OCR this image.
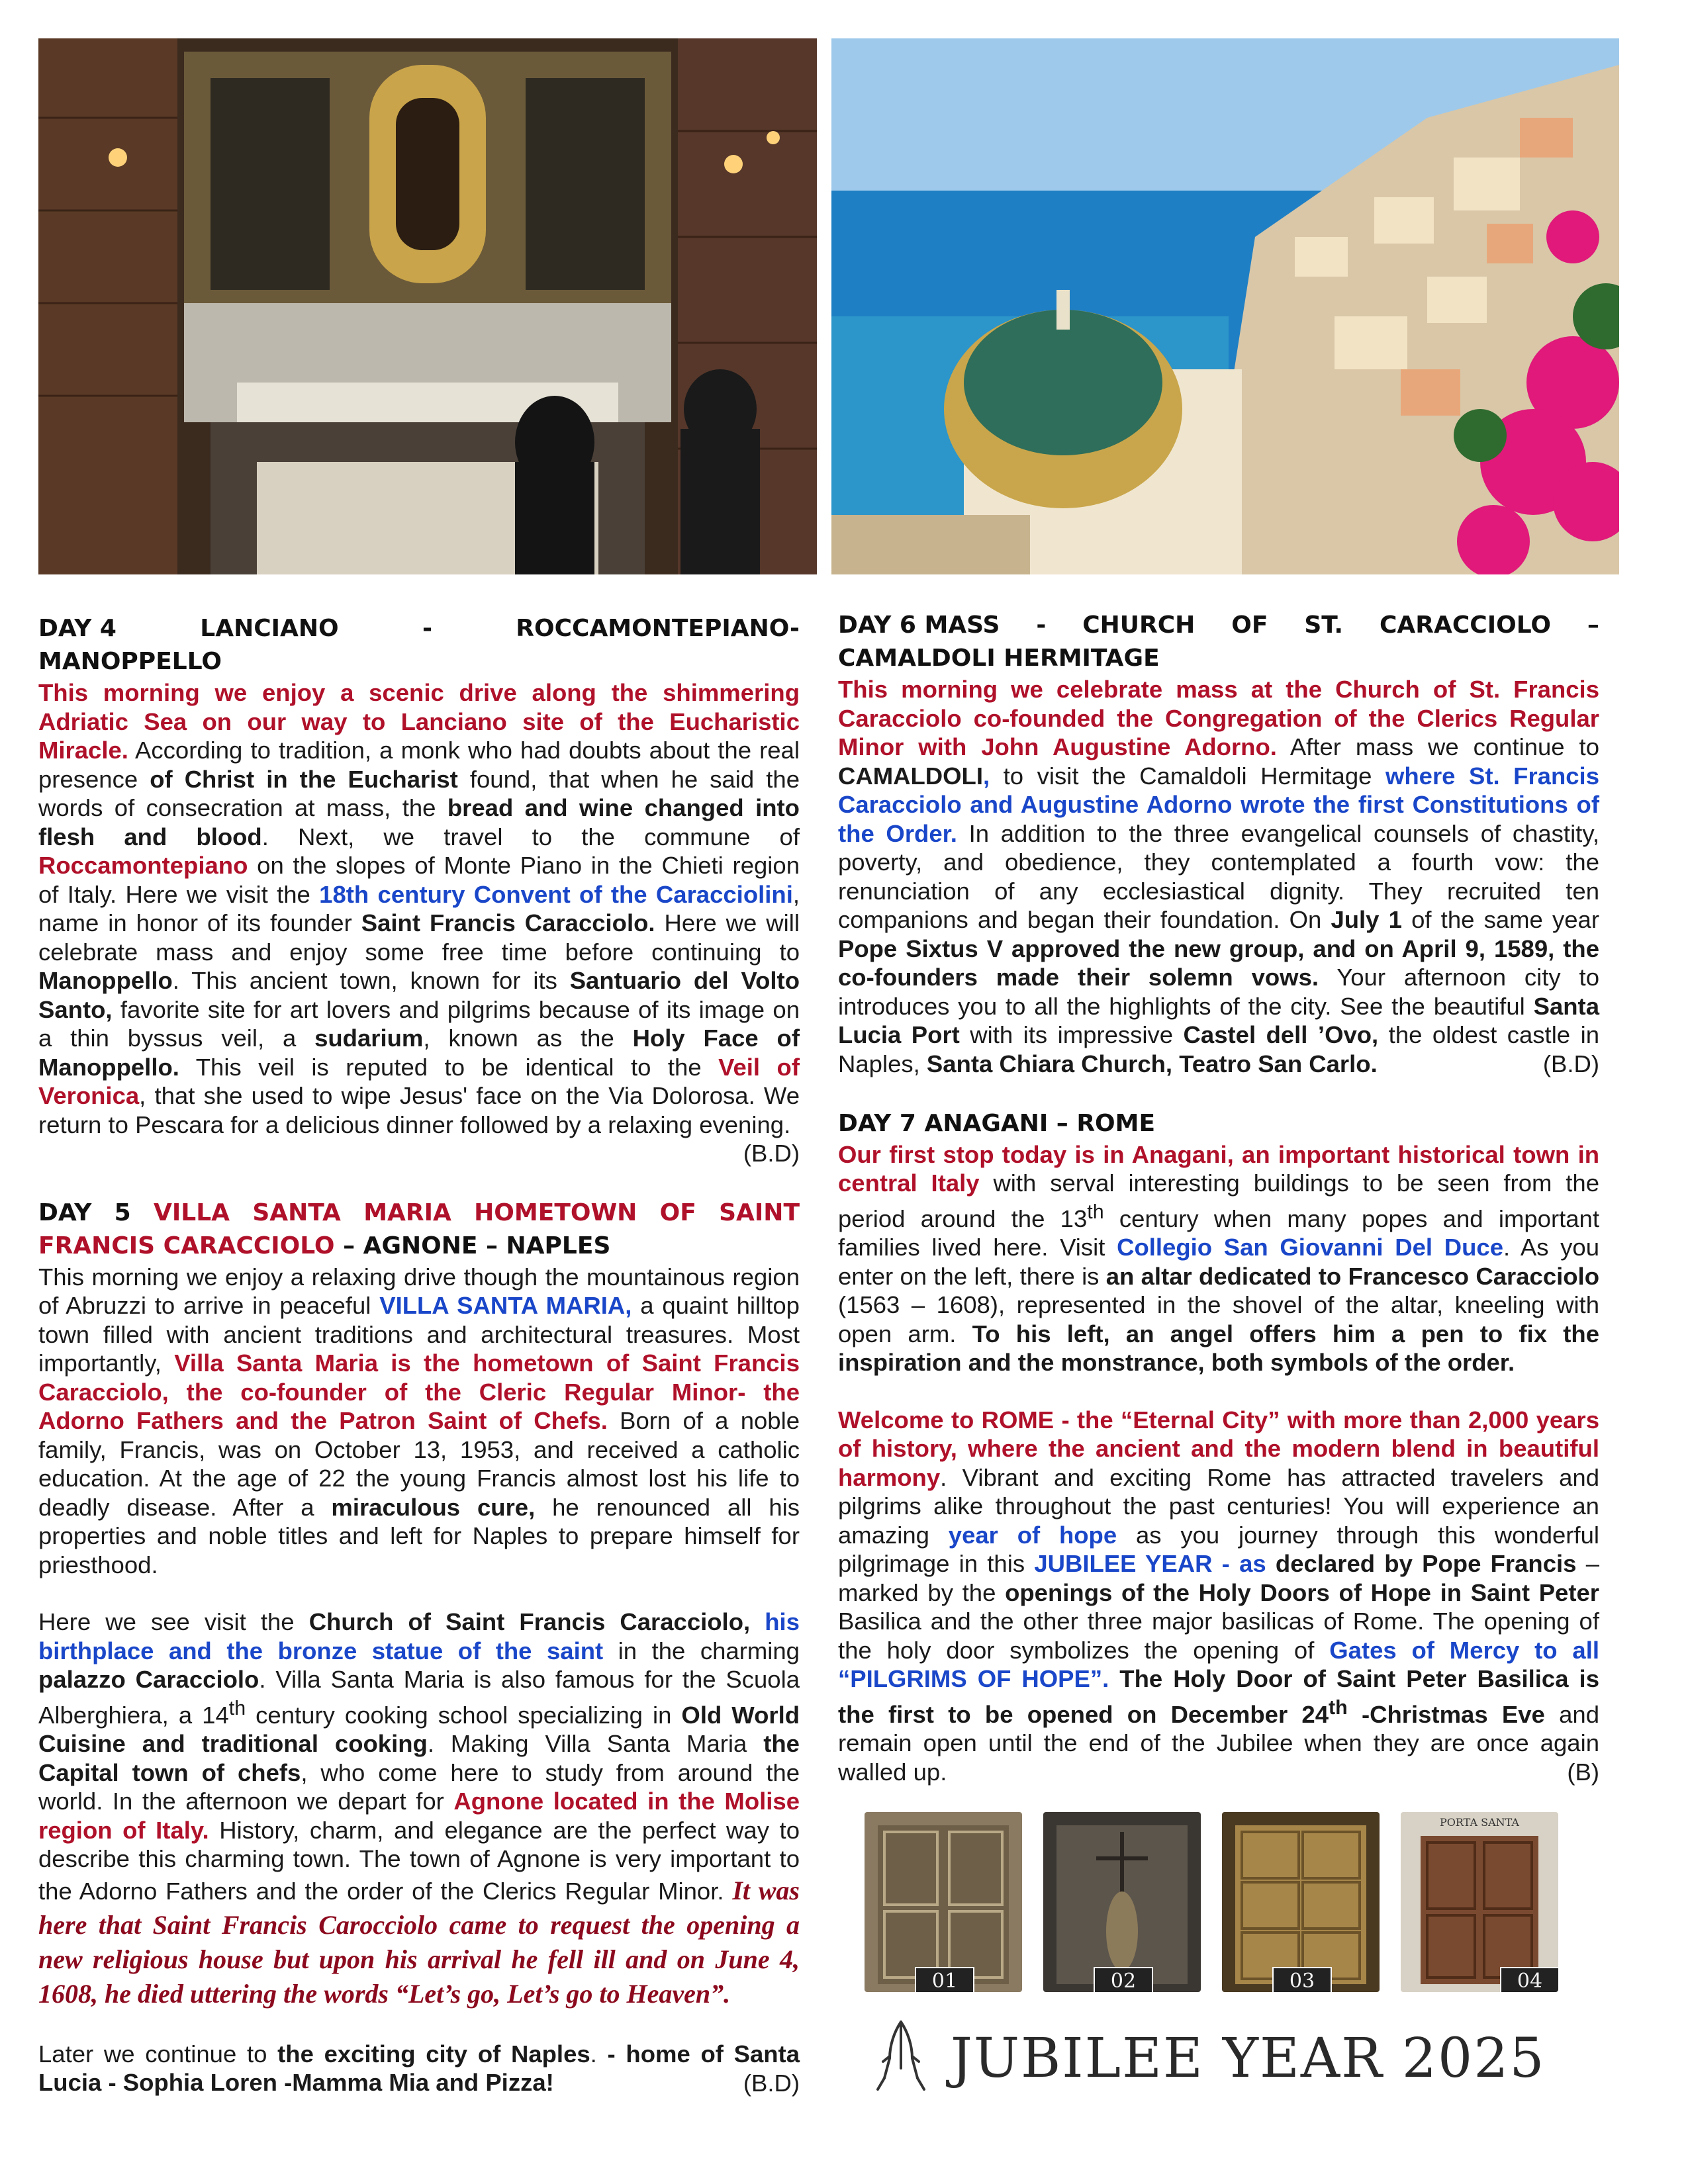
DAY 4	LANCIANO	-	ROCCAMONTEPIANO-
MANOPPELLO

This morning we enjoy a scenic drive along the shimmering Adriatic Sea on our way to Lanciano site of the Eucharistic Miracle. According to tradition, a monk who had doubts about the real presence of Christ in the Eucharist found, that when he said the words of consecration at mass, the bread and wine changed into flesh and blood. Next, we travel to the commune of Roccamontepiano on the slopes of Monte Piano in the Chieti region of Italy. Here we visit the 18th century Convent of the Caracciolini, name in honor of its founder Saint Francis Caracciolo. Here we will celebrate mass and enjoy some free time before continuing to Manoppello. This ancient town, known for its Santuario del Volto Santo, favorite site for art lovers and pilgrims because of its image on a thin byssus veil, a sudarium, known as the Holy Face of Manoppello. This veil is reputed to be identical to the Veil of Veronica, that she used to wipe Jesus' face on the Via Dolorosa. We return to Pescara for a delicious dinner followed by a relaxing evening.

(B.D)
DAY 5 VILLA SANTA MARIA HOMETOWN OF SAINT FRANCIS CARACCIOLO – AGNONE – NAPLES

This morning we enjoy a relaxing drive though the mountainous region of Abruzzi to arrive in peaceful VILLA SANTA MARIA, a quaint hilltop town filled with ancient traditions and architectural treasures. Most importantly, Villa Santa Maria is the hometown of Saint Francis Caracciolo, the co-founder of the Cleric Regular Minor- the Adorno Fathers and the Patron Saint of Chefs. Born of a noble family, Francis, was on October 13, 1953, and received a catholic education. At the age of 22 the young Francis almost lost his life to deadly disease. After a miraculous cure, he renounced all his properties and noble titles and left for Naples to prepare himself for priesthood.

Here we see visit the Church of Saint Francis Caracciolo, his birthplace and the bronze statue of the saint in the charming palazzo Caracciolo. Villa Santa Maria is also famous for the Scuola Alberghiera, a 14th century cooking school specializing in Old World Cuisine and traditional cooking. Making Villa Santa Maria the Capital town of chefs, who come here to study from around the world. In the afternoon we depart for Agnone located in the Molise region of Italy. History, charm, and elegance are the perfect way to describe this charming town. The town of Agnone is very important to the Adorno Fathers and the order of the Clerics Regular Minor. It was here that Saint Francis Carocciolo came to request the opening a new religious house but upon his arrival he fell ill and on June 4, 1608, he died uttering the words “Let’s go, Let’s go to Heaven”.

Later we continue to the exciting city of Naples. - home of Santa Lucia - Sophia Loren -Mamma Mia and Pizza!	(B.D)
DAY 6 MASS - CHURCH OF ST. CARACCIOLO –
CAMALDOLI HERMITAGE

This morning we celebrate mass at the Church of St. Francis Caracciolo co-founded the Congregation of the Clerics Regular Minor with John Augustine Adorno. After mass we continue to CAMALDOLI, to visit the Camaldoli Hermitage where St. Francis Caracciolo and Augustine Adorno wrote the first Constitutions of the Order. In addition to the three evangelical counsels of chastity, poverty, and obedience, they contemplated a fourth vow: the renunciation of any ecclesiastical dignity. They recruited ten companions and began their foundation. On July 1 of the same year Pope Sixtus V approved the new group, and on April 9, 1589, the co-founders made their solemn vows. Your afternoon city to introduces you to all the highlights of the city. See the beautiful Santa Lucia Port with its impressive Castel dell ’Ovo, the oldest castle in Naples, Santa Chiara Church, Teatro San Carlo.	(B.D)
DAY 7 ANAGANI – ROME

Our first stop today is in Anagani, an important historical town in central Italy with serval interesting buildings to be seen from the period around the 13th century when many popes and important families lived here. Visit Collegio San Giovanni Del Duce. As you enter on the left, there is an altar dedicated to Francesco Caracciolo (1563 – 1608), represented in the shovel of the altar, kneeling with open arm. To his left, an angel offers him a pen to fix the inspiration and the monstrance, both symbols of the order.

Welcome to ROME - the “Eternal City” with more than 2,000 years of history, where the ancient and the modern blend in beautiful harmony. Vibrant and exciting Rome has attracted travelers and pilgrims alike throughout the past centuries! You will experience an amazing year of hope as you journey through this wonderful pilgrimage in this JUBILEE YEAR - as declared by Pope Francis – marked by the openings of the Holy Doors of Hope in Saint Peter Basilica and the other three major basilicas of Rome. The opening of the holy door symbolizes the opening of Gates of Mercy to all “PILGRIMS OF HOPE”. The Holy Door of Saint Peter Basilica is the first to be opened on December 24th -Christmas Eve and remain open until the end of the Jubilee when they are once again walled up.	(B)
01	02	03
PORTA SANTA
04
JUBILEE YEAR 2025
